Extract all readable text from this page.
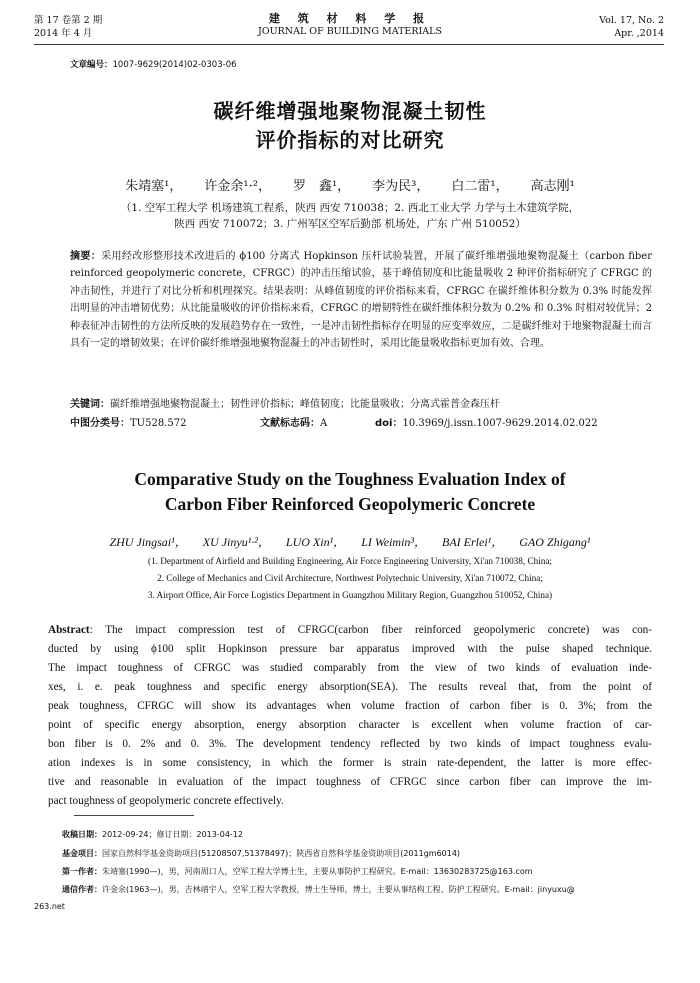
第 17 卷第 2 期
2014 年 4 月
建 筑 材 料 学 报
JOURNAL OF BUILDING MATERIALS
Vol. 17, No. 2
Apr. ,2014
文章编号：1007-9629(2014)02-0303-06
碳纤维增强地聚物混凝土韧性
评价指标的对比研究
朱靖塞¹， 许金余¹·²， 罗　鑫¹， 李为民³， 白二雷¹， 高志刚¹
（1. 空军工程大学 机场建筑工程系，陕西 西安 710038；2. 西北工业大学 力学与土木建筑学院，
陕西 西安 710072；3. 广州军区空军后勤部 机场处，广东 广州 510052）
摘要：采用经改形整形技术改进后的 ϕ100 分离式 Hopkinson 压杆试验装置，开展了碳纤维增强地聚物混凝土（carbon fiber reinforced geopolymeric concrete，CFRGC）的冲击压缩试验，基于峰值韧度和比能量吸收 2 种评价指标研究了 CFRGC 的冲击韧性，并进行了对比分析和机理探究。结果表明：从峰值韧度的评价指标来看，CFRGC 在碳纤维体积分数为 0.3% 时能发挥出明显的冲击增韧优势；从比能量吸收的评价指标来看，CFRGC 的增韧特性在碳纤维体积分数为 0.2% 和 0.3% 时相对较优异；2 种表征冲击韧性的方法所反映的发展趋势存在一致性，一是冲击韧性指标存在明显的应变率效应，二是碳纤维对于地聚物混凝土而言具有一定的增韧效果；在评价碳纤维增强地聚物混凝土的冲击韧性时，采用比能量吸收指标更加有效、合理。
关键词：碳纤维增强地聚物混凝土；韧性评价指标；峰值韧度；比能量吸收；分离式霍普金森压杆
中图分类号：TU528.572	文献标志码：A	doi：10.3969/j.issn.1007-9629.2014.02.022
Comparative Study on the Toughness Evaluation Index of
Carbon Fiber Reinforced Geopolymeric Concrete
ZHU Jingsai¹， XU Jinyu¹·²， LUO Xin¹， LI Weimin³， BAI Erlei¹， GAO Zhigang¹
(1. Department of Airfield and Building Engineering, Air Force Engineering University, Xi'an 710038, China;
2. College of Mechanics and Civil Architecture, Northwest Polytechnic University, Xi'an 710072, China;
3. Airport Office, Air Force Logistics Department in Guangzhou Military Region, Guangzhou 510052, China)
Abstract: The impact compression test of CFRGC(carbon fiber reinforced geopolymeric concrete) was con-
ducted by using ϕ100 split Hopkinson pressure bar apparatus improved with the pulse shaped technique.
The impact toughness of CFRGC was studied comparably from the view of two kinds of evaluation inde-
xes, i. e. peak toughness and specific energy absorption(SEA). The results reveal that, from the point of
peak toughness, CFRGC will show its advantages when volume fraction of carbon fiber is 0. 3%; from the
point of specific energy absorption, energy absorption character is excellent when volume fraction of car-
bon fiber is 0. 2% and 0. 3%. The development tendency reflected by two kinds of impact toughness evalu-
ation indexes is in some consistency, in which the former is strain rate-dependent, the latter is more effec-
tive and reasonable in evaluation of the impact toughness of CFRGC since carbon fiber can improve the im-
pact toughness of geopolymeric concrete effectively.
收稿日期：2012-09-24；修订日期：2013-04-12
基金项目：国家自然科学基金资助项目(51208507,51378497)；陕西省自然科学基金资助项目(2011gm6014)
第一作者：朱靖塞(1990—)，男，河南周口人，空军工程大学博士生，主要从事防护工程研究。E-mail：13630283725@163.com
通信作者：许金余(1963—)，男，吉林靖宇人，空军工程大学教授，博士生导师，博士，主要从事结构工程、防护工程研究。E-mail：jinyuxu@
263.net
